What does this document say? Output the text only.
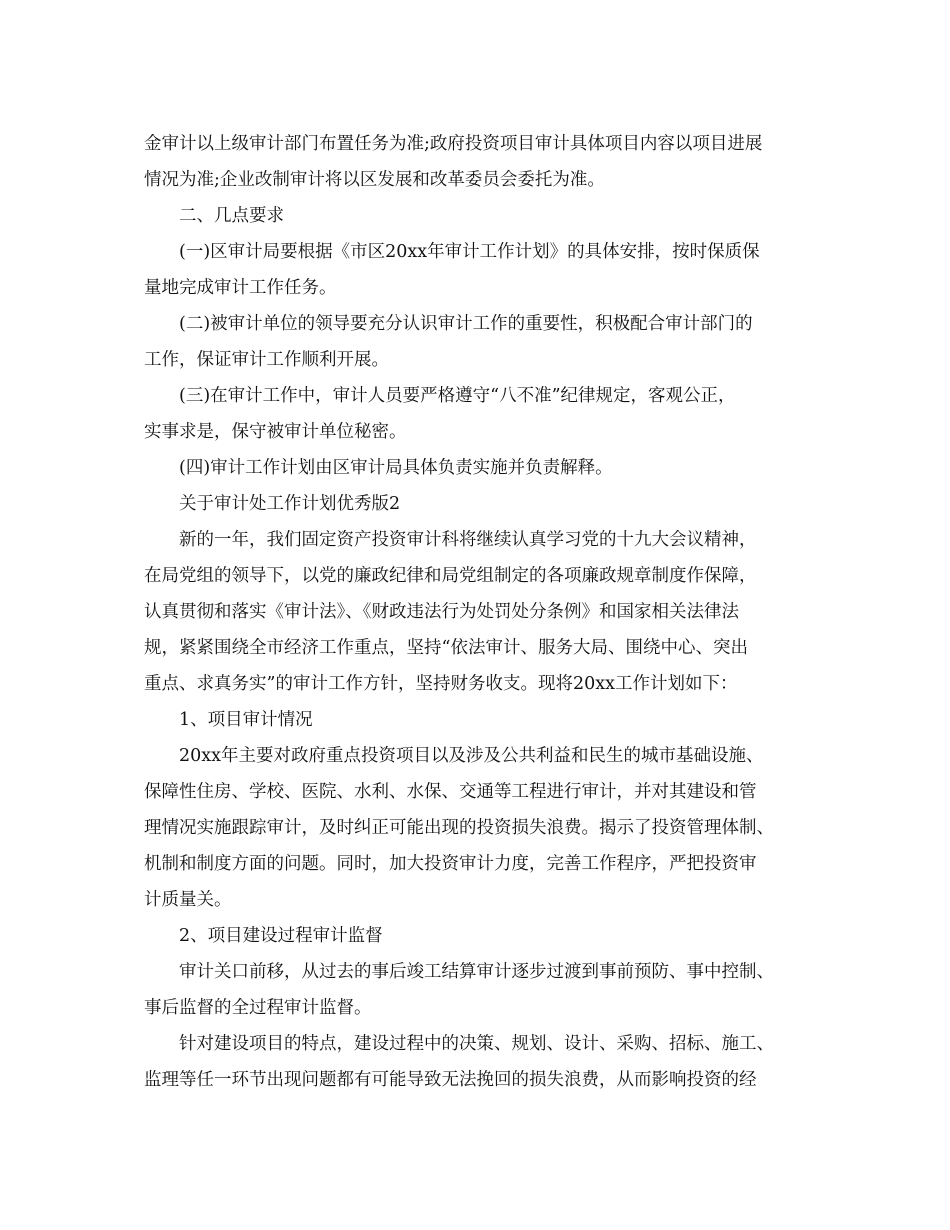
金审计以上级审计部门布置任务为准;政府投资项目审计具体项目内容以项目进展

情况为准;企业改制审计将以区发展和改革委员会委托为准。

二、几点要求

(一)区审计局要根据《市区20xx年审计工作计划》的具体安排，按时保质保

量地完成审计工作任务。

(二)被审计单位的领导要充分认识审计工作的重要性，积极配合审计部门的

工作，保证审计工作顺利开展。

(三)在审计工作中，审计人员要严格遵守“八不准”纪律规定，客观公正，

实事求是，保守被审计单位秘密。

(四)审计工作计划由区审计局具体负责实施并负责解释。

关于审计处工作计划优秀版2

新的一年，我们固定资产投资审计科将继续认真学习党的十九大会议精神，

在局党组的领导下，以党的廉政纪律和局党组制定的各项廉政规章制度作保障，

认真贯彻和落实《审计法》、《财政违法行为处罚处分条例》和国家相关法律法

规，紧紧围绕全市经济工作重点，坚持“依法审计、服务大局、围绕中心、突出

重点、求真务实”的审计工作方针，坚持财务收支。现将20xx工作计划如下：

1、项目审计情况

20xx年主要对政府重点投资项目以及涉及公共利益和民生的城市基础设施、

保障性住房、学校、医院、水利、水保、交通等工程进行审计，并对其建设和管

理情况实施跟踪审计，及时纠正可能出现的投资损失浪费。揭示了投资管理体制、

机制和制度方面的问题。同时，加大投资审计力度，完善工作程序，严把投资审

计质量关。

2、项目建设过程审计监督

审计关口前移，从过去的事后竣工结算审计逐步过渡到事前预防、事中控制、

事后监督的全过程审计监督。

针对建设项目的特点，建设过程中的决策、规划、设计、采购、招标、施工、

监理等任一环节出现问题都有可能导致无法挽回的损失浪费，从而影响投资的经
